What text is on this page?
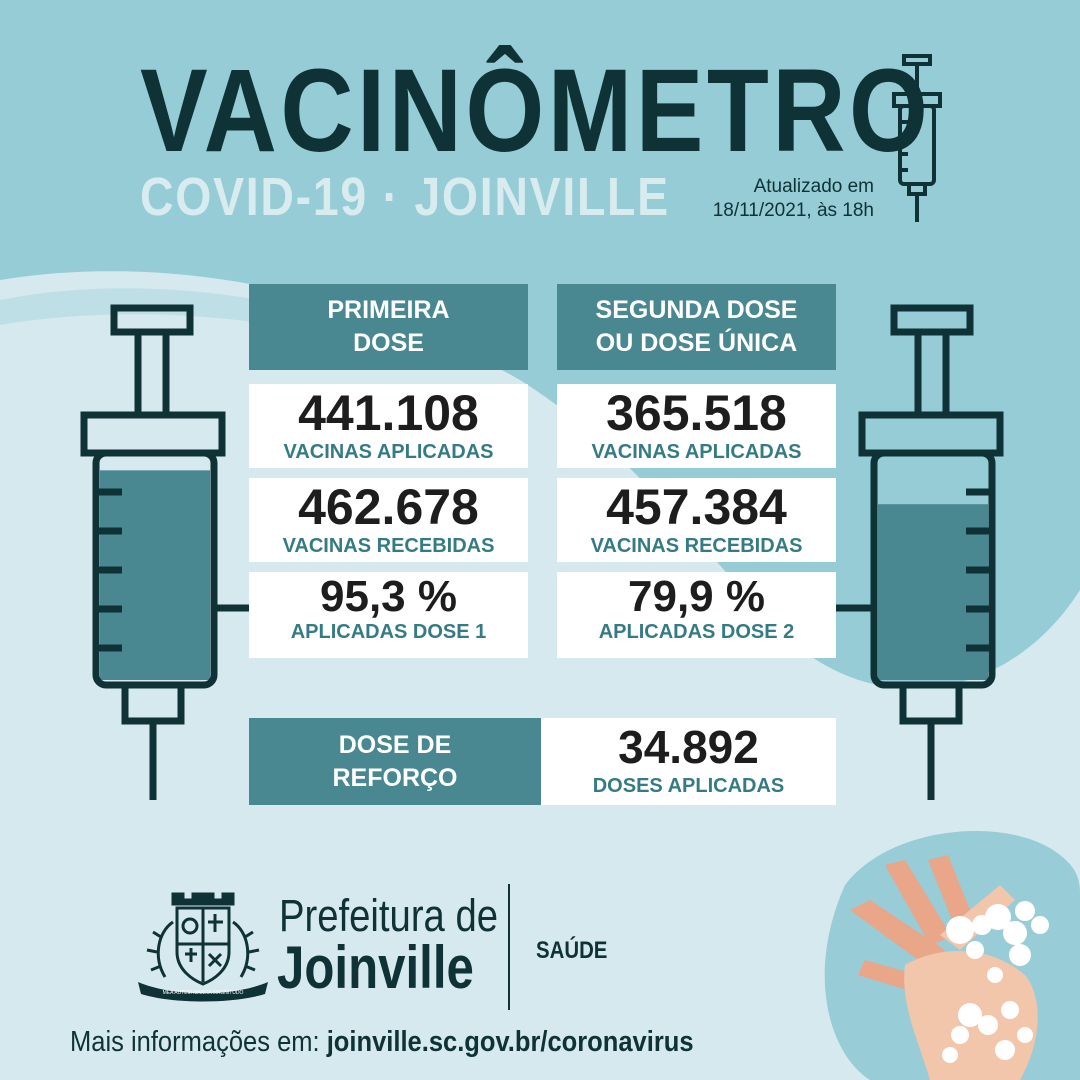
VACINÔMETRO
COVID-19 · JOINVILLE	Atualizado em
18/11/2021, às 18h
PRIMEIRA
DOSE
SEGUNDA DOSE
OU DOSE ÚNICA
441.108
VACINAS APLICADAS
462.678
VACINAS RECEBIDAS
95,3 %
APLICADAS DOSE 1
365.518
VACINAS APLICADAS
457.384
VACINAS RECEBIDAS
79,9 %
APLICADAS DOSE 2
DOSE DE
REFORÇO
34.892
DOSES APLICADAS
MEA AUTEM MARITA MAGNITUDO
Prefeitura de
Joinville	SAÚDE
Mais informações em: joinville.sc.gov.br/coronavirus
